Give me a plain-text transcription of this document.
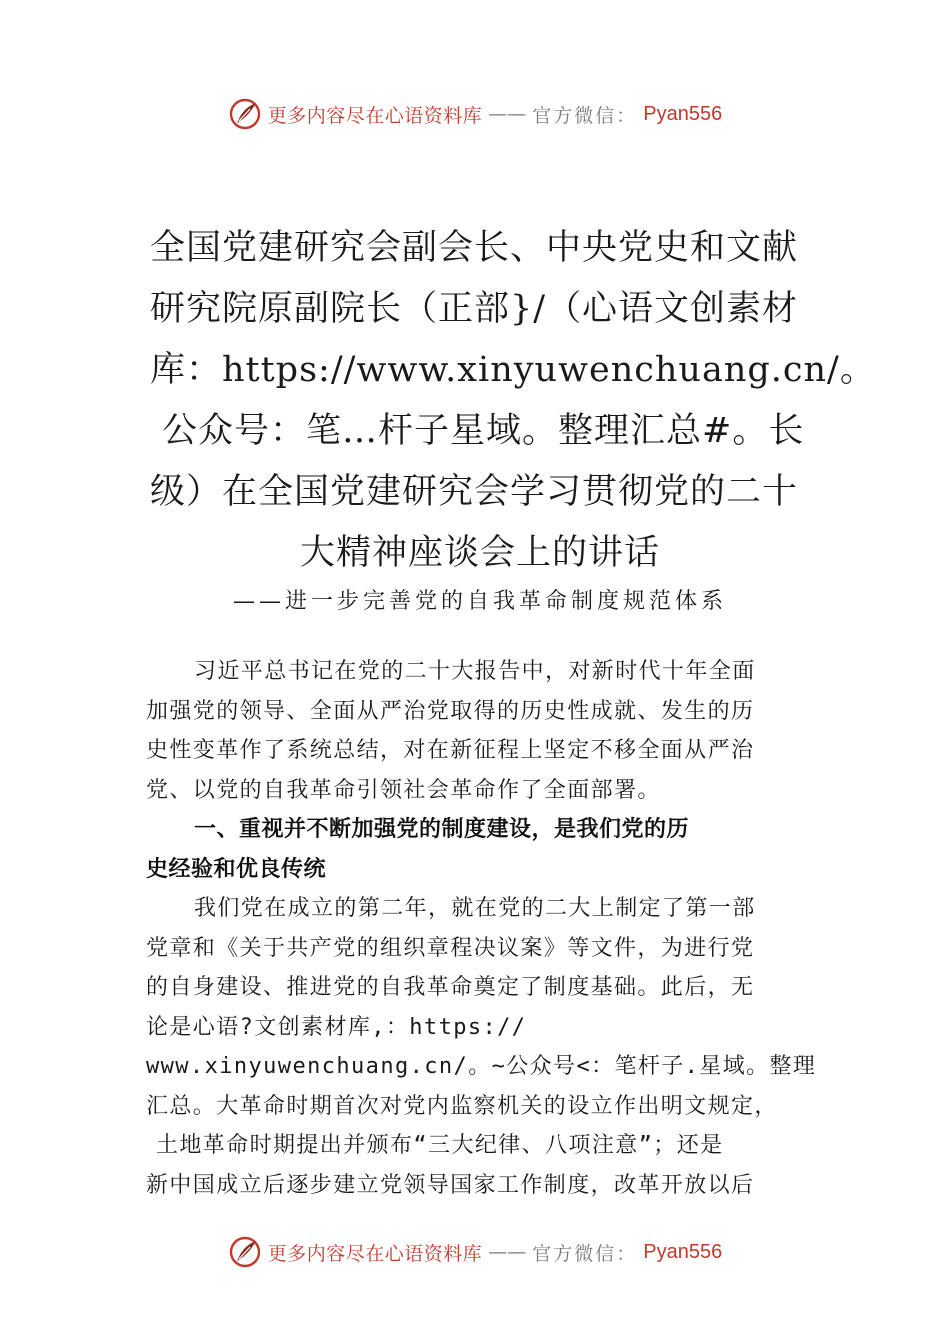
更多内容尽在心语资料库 —— 官方微信： Pyan556
全国党建研究会副会长、中央党史和文献
研究院原副院长（正部}/（心语文创素材
库：https://www.xinyuwenchuang.cn/。
公众号：笔…杆子星域。整理汇总#。长
级）在全国党建研究会学习贯彻党的二十
大精神座谈会上的讲话
——进一步完善党的自我革命制度规范体系
习近平总书记在党的二十大报告中，对新时代十年全面
加强党的领导、全面从严治党取得的历史性成就、发生的历
史性变革作了系统总结，对在新征程上坚定不移全面从严治
党、以党的自我革命引领社会革命作了全面部署。
一、重视并不断加强党的制度建设，是我们党的历
史经验和优良传统
我们党在成立的第二年，就在党的二大上制定了第一部
党章和《关于共产党的组织章程决议案》等文件，为进行党
的自身建设、推进党的自我革命奠定了制度基础。此后，无
论是心语?文创素材库,：https://
www.xinyuwenchuang.cn/。~公众号<：笔杆子.星域。整理
汇总。大革命时期首次对党内监察机关的设立作出明文规定，
土地革命时期提出并颁布“三大纪律、八项注意”；还是
新中国成立后逐步建立党领导国家工作制度，改革开放以后
更多内容尽在心语资料库 —— 官方微信： Pyan556
